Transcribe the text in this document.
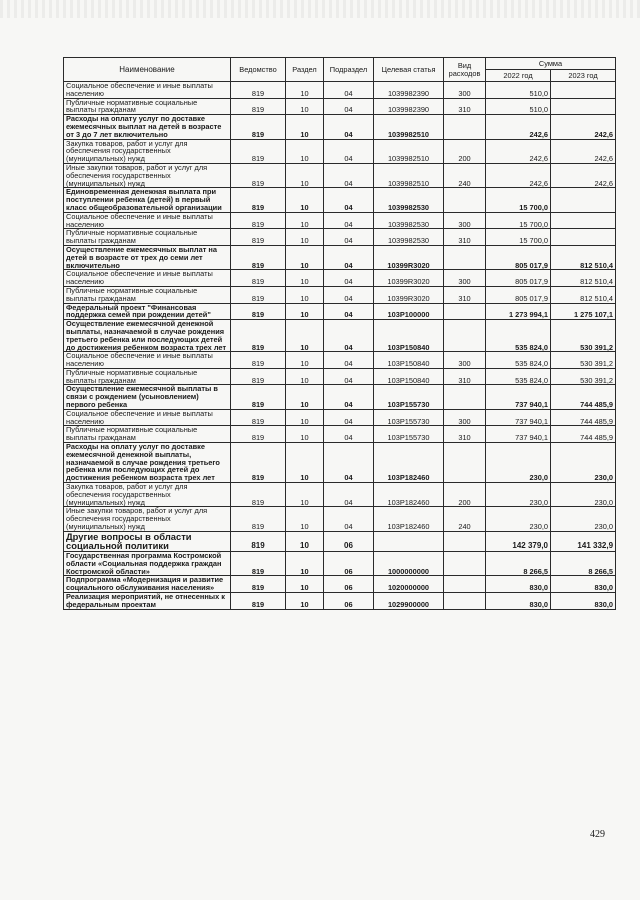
Наименование	Ведомство	Раздел	Подраздел	Целевая статья	Вид расходов	Сумма	
						2022 год	2023 год
Социальное обеспечение и иные выплаты населению	819	10	04	1039982390	300	510,0	
Публичные нормативные социальные выплаты гражданам	819	10	04	1039982390	310	510,0	
Расходы на оплату услуг по доставке ежемесячных выплат на детей в возрасте от 3 до 7 лет включительно	819	10	04	1039982510		242,6	242,6
Закупка товаров, работ и услуг для обеспечения государственных (муниципальных) нужд	819	10	04	1039982510	200	242,6	242,6
Иные закупки товаров, работ и услуг для обеспечения государственных (муниципальных) нужд	819	10	04	1039982510	240	242,6	242,6
Единовременная денежная выплата при поступлении ребенка (детей) в первый класс общеобразовательной организации	819	10	04	1039982530		15 700,0	
Социальное обеспечение и иные выплаты населению	819	10	04	1039982530	300	15 700,0	
Публичные нормативные социальные выплаты гражданам	819	10	04	1039982530	310	15 700,0	
Осуществление ежемесячных выплат на детей в возрасте от трех до семи лет включительно	819	10	04	10399R3020		805 017,9	812 510,4
Социальное обеспечение и иные выплаты населению	819	10	04	10399R3020	300	805 017,9	812 510,4
Публичные нормативные социальные выплаты гражданам	819	10	04	10399R3020	310	805 017,9	812 510,4
Федеральный проект "Финансовая поддержка семей при рождении детей"	819	10	04	103P100000		1 273 994,1	1 275 107,1
Осуществление ежемесячной денежной выплаты, назначаемой в случае рождения третьего ребенка или последующих детей до достижения ребенком возраста трех лет	819	10	04	103P150840		535 824,0	530 391,2
Социальное обеспечение и иные выплаты населению	819	10	04	103P150840	300	535 824,0	530 391,2
Публичные нормативные социальные выплаты гражданам	819	10	04	103P150840	310	535 824,0	530 391,2
Осуществление ежемесячной выплаты в связи с рождением (усыновлением) первого ребенка	819	10	04	103P155730		737 940,1	744 485,9
Социальное обеспечение и иные выплаты населению	819	10	04	103P155730	300	737 940,1	744 485,9
Публичные нормативные социальные выплаты гражданам	819	10	04	103P155730	310	737 940,1	744 485,9
Расходы на оплату услуг по доставке ежемесячной денежной выплаты, назначаемой в случае рождения третьего ребенка или последующих детей до достижения ребенком возраста трех лет	819	10	04	103P182460		230,0	230,0
Закупка товаров, работ и услуг для обеспечения государственных (муниципальных) нужд	819	10	04	103P182460	200	230,0	230,0
Иные закупки товаров, работ и услуг для обеспечения государственных (муниципальных) нужд	819	10	04	103P182460	240	230,0	230,0
Другие вопросы в области социальной политики	819	10	06			142 379,0	141 332,9
Государственная программа Костромской области «Социальная поддержка граждан Костромской области»	819	10	06	1000000000		8 266,5	8 266,5
Подпрограмма «Модернизация и развитие социального обслуживания населения»	819	10	06	1020000000		830,0	830,0
Реализация мероприятий, не отнесенных к федеральным проектам	819	10	06	1029900000		830,0	830,0
429
